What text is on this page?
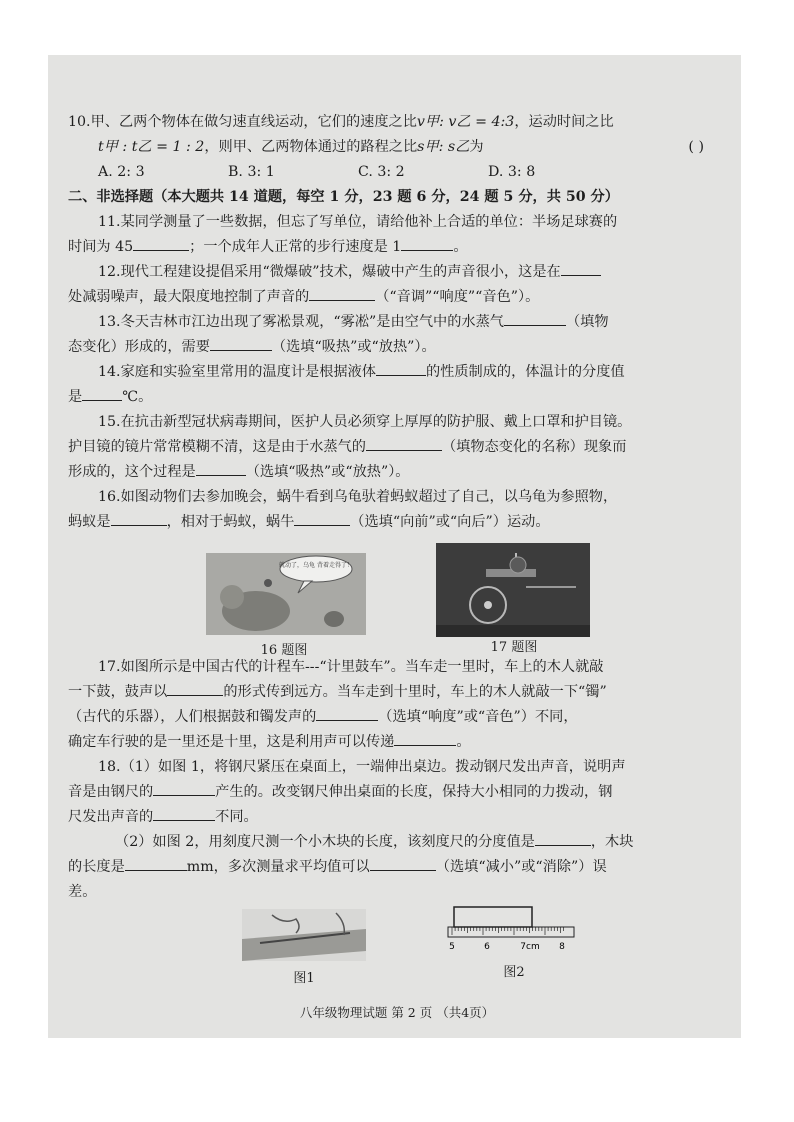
10.甲、乙两个物体在做匀速直线运动，它们的速度之比v甲: v乙 = 4:3，运动时间之比
t甲 : t乙 = 1 : 2，则甲、乙两物体通过的路程之比s甲: s乙为	( )
A. 2: 3	B. 3: 1	C. 3: 2	D. 3: 8
二、非选择题（本大题共 14 道题，每空 1 分，23 题 6 分，24 题 5 分，共 50 分）
11.某同学测量了一些数据，但忘了写单位，请给他补上合适的单位：半场足球赛的
时间为 45	；一个成年人正常的步行速度是 1	。
12.现代工程建设提倡采用“微爆破”技术，爆破中产生的声音很小，这是在
处减弱噪声，最大限度地控制了声音的	（“音调”“响度”“音色”）。
13.冬天吉林市江边出现了雾凇景观，“雾凇”是由空气中的水蒸气	（填物
态变化）形成的，需要	（选填“吸热”或“放热”）。
14.家庭和实验室里常用的温度计是根据液体	的性质制成的，体温计的分度值
是	℃。
15.在抗击新型冠状病毒期间，医护人员必须穿上厚厚的防护服、戴上口罩和护目镜。
护目镜的镜片常常模糊不清，这是由于水蒸气的	（填物态变化的名称）现象而
形成的，这个过程是	（选填“吸热”或“放热”）。
16.如图动物们去参加晚会，蜗牛看到乌龟驮着蚂蚁超过了自己，以乌龟为参照物，
蚂蚁是	，相对于蚂蚁，蜗牛	（选填“向前”或“向后”）运动。
就动了，乌龟 背着走得了！
16 题图	17 题图
17.如图所示是中国古代的计程车---“计里鼓车”。当车走一里时，车上的木人就敲
一下鼓，鼓声以	的形式传到远方。当车走到十里时，车上的木人就敲一下“镯”
（古代的乐器），人们根据鼓和镯发声的	（选填“响度”或“音色”）不同，
确定车行驶的是一里还是十里，这是利用声可以传递	。
18.（1）如图 1，将钢尺紧压在桌面上，一端伸出桌边。拨动钢尺发出声音，说明声
音是由钢尺的	产生的。改变钢尺伸出桌面的长度，保持大小相同的力拨动，钢
尺发出声音的	不同。
（2）如图 2，用刻度尺测一个小木块的长度，该刻度尺的分度值是	，木块
的长度是	mm，多次测量求平均值可以	（选填“减小”或“消除”）误
差。
图1
5	6	7cm 8
图2
八年级物理试题 第 2 页 （共4页）
